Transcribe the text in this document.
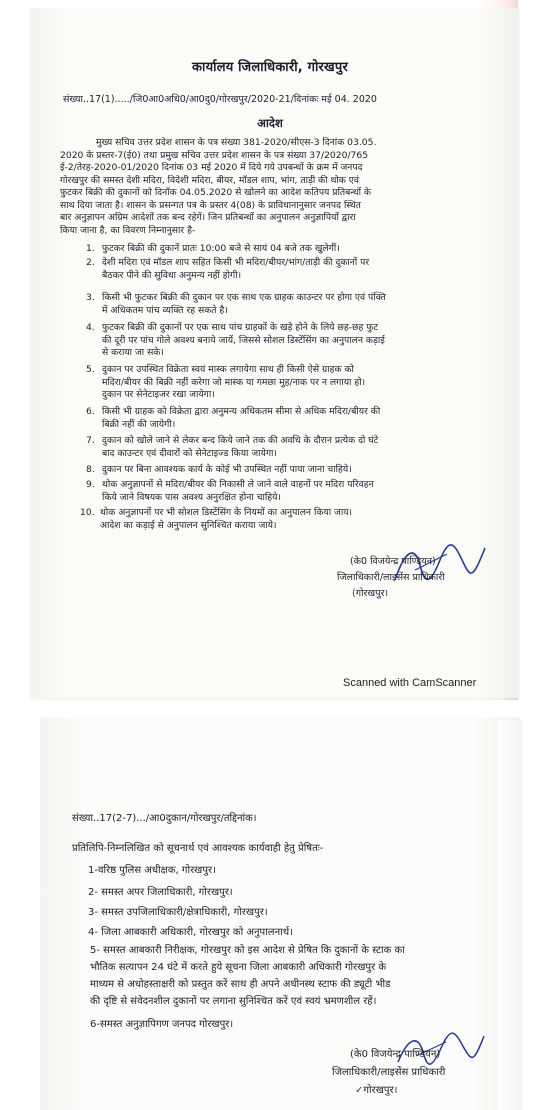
कार्यालय जिलाधिकारी, गोरखपुर
संख्या..17(1)...../जि0आ0अधि0/आ0दु0/गोरखपुर/2020-21/दिनांकः मई 04. 2020
आदेश
मुख्य सचिव उत्तर प्रदेश शासन के पत्र संख्या 381-2020/सीएस-3 दिनांक 03.05.
2020 के प्रस्तर-7(ई0) तथा प्रमुख सचिव उत्तर प्रदेश शासन के पत्र संख्या 37/2020/765
ई-2/तेरह-2020-01/2020 दिनांक 03 मई 2020 में दिये गये उपबन्धों के क्रम में जनपद
गोरखपुर की समस्त देशी मदिरा, विदेशी मदिरा, बीयर, मॉडल शाप, भांग, ताड़ी की थोक एवं
फुटकर बिक्री की दुकानों को दिनॉक 04.05.2020 से खोलने का आदेश कतिपय प्रतिबन्धों के
साथ दिया जाता है। शासन के प्रसन्गत पत्र के प्रस्तर 4(08) के प्राविधानानुसार जनपद स्थित
बार अनुज्ञापन अग्रिम आदेशों तक बन्द रहेगें। जिन प्रतिबन्धों का अनुपालन अनुज्ञापियों द्वारा
किया जाना है, का विवरण निम्नानुसार है-
1. फुटकर बिक्री की दुकानें प्रातः 10:00 बजे से सायं 04 बजे तक खुलेगीं।
2. देशी मदिरा एवं मॉडल शाप सहित किसी भी मदिरा/बीयर/भांग/ताड़ी की दुकानों पर
बैठकर पीने की सुविधा अनुमन्य नहीं होगी।
3. किसी भी फुटकर बिक्री की दुकान पर एक साथ एक ग्राहक काउन्टर पर होगा एवं पंक्ति
में अधिकतम पांच व्यक्ति रह सकते है।
4. फुटकर बिक्री की दुकानों पर एक साथ पांच ग्राहकों के खड़े होने के लिये छह-छह फुट
की दूरी पर पांच गोले अवश्य बनाये जायें, जिससे सोशल डिस्टेंसिंग का अनुपालन कड़ाई
से कराया जा सके।
5. दुकान पर उपस्थित विक्रेता स्वयं मास्क लगायेगा साथ ही किसी ऐसे ग्राहक को
मदिरा/बीयर की बिक्री नहीं करेगा जो मास्क या गमछा मुह/नाक पर न लगाया हो।
दुकान पर सेनेटाइजर रखा जायेगा।
6. किसी भी ग्राहक को विक्रेता द्वारा अनुमन्य अधिकतम सीमा से अधिक मदिरा/बीयर की
बिक्री नहीं की जायेगी।
7. दुकान को खोले जाने से लेकर बन्द किये जाने तक की अवधि के दौरान प्रत्येक दो घंटे
बाद काउन्टर एवं दीवारों को सेनेटाइज्ड किया जायेगा।
8. दुकान पर बिना आवश्यक कार्य के कोई भी उपस्थित नहीं पाया जाना चाहिये।
9. थोक अनुज्ञापनों से मदिरा/बीयर की निकासी ले जाने वाले वाहनों पर मदिरा परिवहन
किये जाने विषयक पास अवश्य अनुरक्षित होना चाहिये।
10. थोक अनुज्ञापनों पर भी सोशल डिस्टेंसिंग के नियमों का अनुपालन किया जाय।
आदेश का कड़ाई से अनुपालन सुनिश्चित कराया जाये।
(के0 विजयेन्द्र पाण्डियन)
जिलाधिकारी/लाइसेंस प्राधिकारी
(गोरखपुर।
Scanned with CamScanner
संख्या..17(2-7).../आ0दुकान/गोरखपुर/तद्दिनांक।
प्रतिलिपि-निम्नलिखित को सूचनार्थ एवं आवश्यक कार्यवाही हेतु प्रेषितः-
1-वरिष्ठ पुलिस अधीक्षक, गोरखपुर।
2- समस्त अपर जिलाधिकारी, गोरखपुर।
3- समस्त उपजिलाधिकारी/क्षेत्राधिकारी, गोरखपुर।
4- जिला आबकारी अधिकारी, गोरखपुर को अनुपालनार्थ।
5- समस्त आबकारी निरीक्षक, गोरखपुर को इस आदेश से प्रेषित कि दुकानों के स्टाक का
भौतिक सत्यापन 24 घंटे में करते हुये सूचना जिला आबकारी अधिकारी गोरखपुर के
माध्यम से अधोहस्ताक्षरी को प्रस्तुत करें साथ ही अपने अधीनस्थ स्टाफ की ड्यूटी भीड
की दृष्टि से संवेदनशील दुकानों पर लगाना सुनिश्चित करें एवं स्वयं भ्रमणशील रहें।
6-समस्त अनुज्ञापिगण जनपद गोरखपुर।
(के0 विजयेन्द्र पाण्डियन)
जिलाधिकारी/लाइसेंस प्राधिकारी
✓गोरखपुर।
